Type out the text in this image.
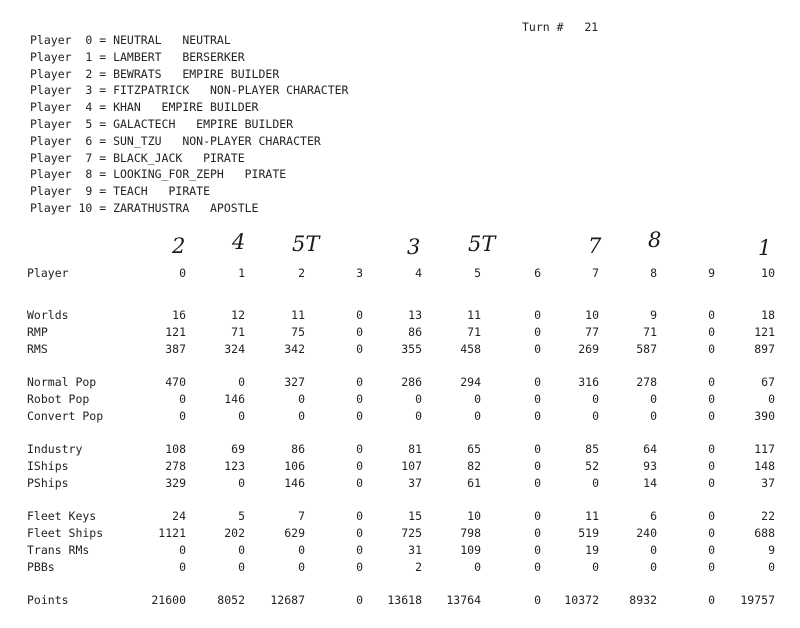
Turn # 21
Player  0 = NEUTRAL   NEUTRAL
Player  1 = LAMBERT   BERSERKER
Player  2 = BEWRATS   EMPIRE BUILDER
Player  3 = FITZPATRICK   NON-PLAYER CHARACTER
Player  4 = KHAN   EMPIRE BUILDER
Player  5 = GALACTECH   EMPIRE BUILDER
Player  6 = SUN_TZU   NON-PLAYER CHARACTER
Player  7 = BLACK_JACK   PIRATE
Player  8 = LOOKING_FOR_ZEPH   PIRATE
Player  9 = TEACH   PIRATE
Player 10 = ZARATHUSTRA   APOSTLE
2 4 5T	3 5T	7 8	1
Player	0	1	2	3	4	5	6	7	8	9	10
Worlds	16	12	11	0	13	11	0	10	9	0	18
RMP	121	71	75	0	86	71	0	77	71	0	121
RMS	387	324	342	0	355	458	0	269	587	0	897
Normal Pop	470	0	327	0	286	294	0	316	278	0	67
Robot Pop	0	146	0	0	0	0	0	0	0	0	0
Convert Pop	0	0	0	0	0	0	0	0	0	0	390
Industry	108	69	86	0	81	65	0	85	64	0	117
IShips	278	123	106	0	107	82	0	52	93	0	148
PShips	329	0	146	0	37	61	0	0	14	0	37
Fleet Keys	24	5	7	0	15	10	0	11	6	0	22
Fleet Ships	1121	202	629	0	725	798	0	519	240	0	688
Trans RMs	0	0	0	0	31	109	0	19	0	0	9
PBBs	0	0	0	0	2	0	0	0	0	0	0
Points	21600	8052	12687	0	13618	13764	0	10372	8932	0	19757
